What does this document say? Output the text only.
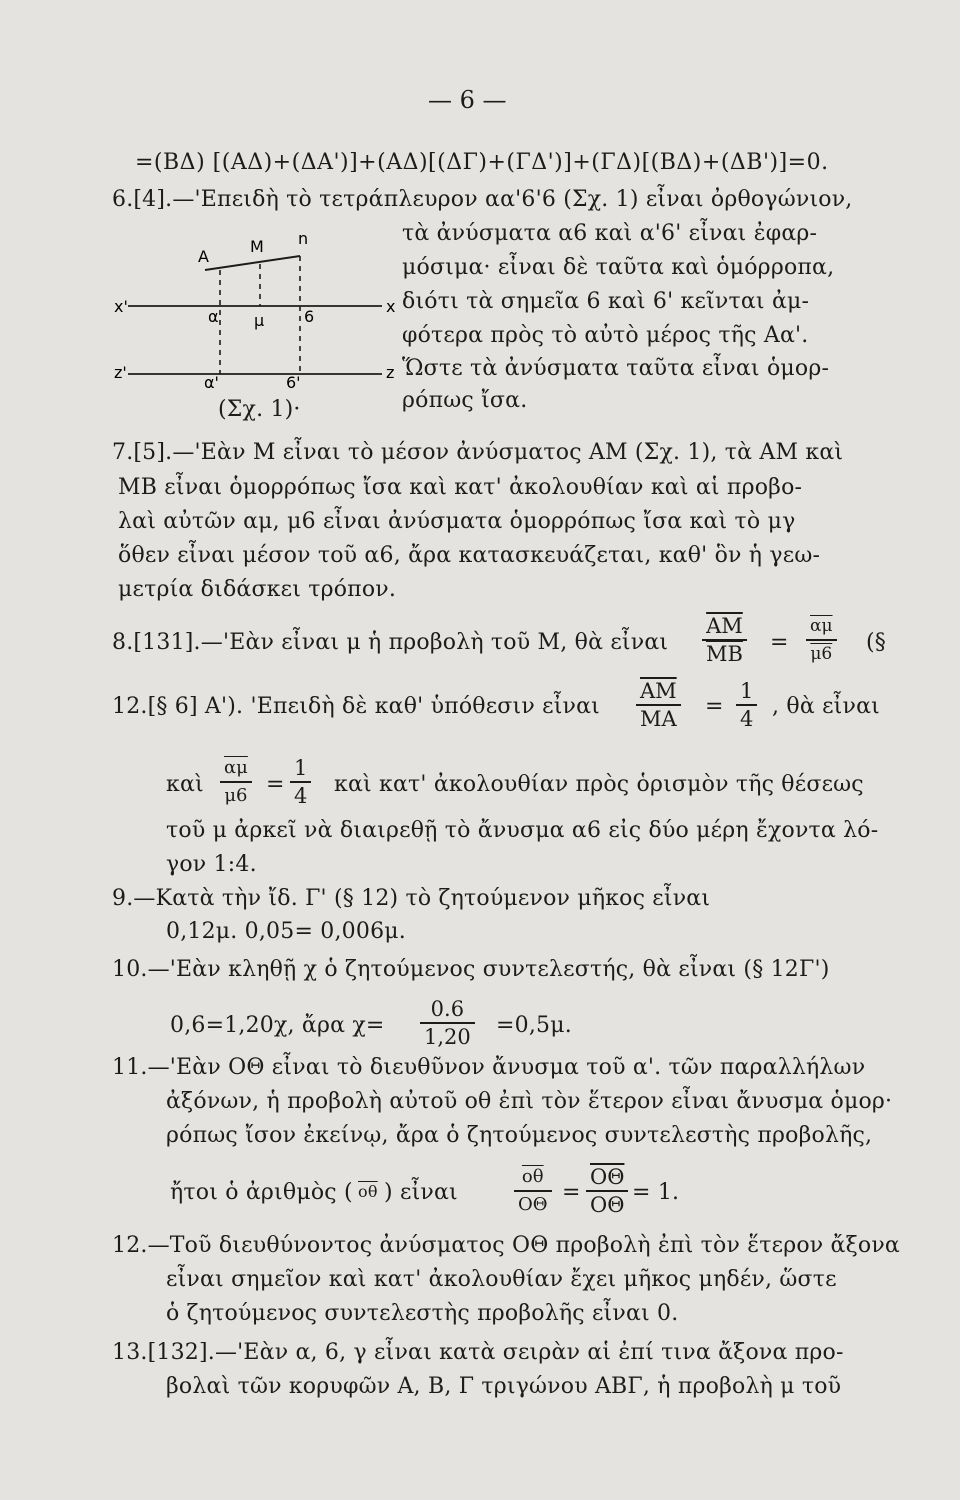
— 6 —
=(ΒΔ) [(ΑΔ)+(ΔΑ')]+(ΑΔ)[(ΔΓ)+(ΓΔ')]+(ΓΔ)[(ΒΔ)+(ΔΒ')]=0.
6.[4].—'Επειδὴ τὸ τετράπλευρον αα'6'6 (Σχ. 1) εἶναι ὀρθογώνιον,
τὰ ἀνύσματα α6 καὶ α'6' εἶναι ἐφαρ-
μόσιμα· εἶναι δὲ ταῦτα καὶ ὁμόρροπα,
διότι τὰ σημεῖα 6 καὶ 6' κεῖνται ἀμ-
φότερα πρὸς τὸ αὐτὸ μέρος τῆς Αα'.
Ὥστε τὰ ἀνύσματα ταῦτα εἶναι ὁμορ-
ρόπως ἴσα.
A
M n
x'	x
α μ 6
z'	z
α'	6'
(Σχ. 1)·
7.[5].—'Εὰν Μ εἶναι τὸ μέσον ἀνύσματος ΑΜ (Σχ. 1), τὰ ΑΜ καὶ
ΜΒ εἶναι ὁμορρόπως ἴσα καὶ κατ' ἀκολουθίαν καὶ αἱ προβο-
λαὶ αὐτῶν αμ, μ6 εἶναι ἀνύσματα ὁμορρόπως ἴσα καὶ τὸ μγ
ὅθεν εἶναι μέσον τοῦ α6, ἄρα κατασκευάζεται, καθ' ὃν ἡ γεω-
μετρία διδάσκει τρόπον.
8.[131].—'Εὰν εἶναι μ ἡ προβολὴ τοῦ Μ, θὰ εἶναι $\frac{\overline{AM}}{MB} = \frac{\overline{\alpha\mu}}{\mu 6}$ (§
12.[§ 6] Α'). 'Επειδὴ δὲ καθ' ὑπόθεσιν εἶναι $\frac{\overline{AM}}{MA} = \frac{1}{4}$ , θὰ εἶναι
καὶ $\frac{\overline{\alpha\mu}}{\mu 6} = \frac{1}{4}$ καὶ κατ' ἀκολουθίαν πρὸς ὁρισμὸν τῆς θέσεως
τοῦ μ ἀρκεῖ νὰ διαιρεθῇ τὸ ἄνυσμα α6 εἰς δύο μέρη ἔχοντα λό-
γον 1:4.
9.—Κατὰ τὴν ἴδ. Γ' (§ 12) τὸ ζητούμενον μῆκος εἶναι
0,12μ. 0,05= 0,006μ.
10.—'Εὰν κληθῇ χ ὁ ζητούμενος συντελεστής, θὰ εἶναι (§ 12Γ')
0,6=1,20χ, ἄρα $\chi= \frac{0.6}{1,20} =0,5\mu$.
11.—'Εὰν ΟΘ εἶναι τὸ διευθῦνον ἄνυσμα τοῦ α'. τῶν παραλλήλων
ἀξόνων, ἡ προβολὴ αὐτοῦ οθ ἐπὶ τὸν ἕτερον εἶναι ἄνυσμα ὁμορ·
ρόπως ἴσον ἐκείνῳ, ἄρα ὁ ζητούμενος συντελεστὴς προβολῆς,
ἤτοι ὁ ἀριθμὸς ( $\overline{o\theta}$ ) εἶναι	$\frac{\overline{o\theta}}{O\Theta} = \frac{\overline{O\Theta}}{O\Theta} = 1$.
12.—Τοῦ διευθύνοντος ἀνύσματος ΟΘ προβολὴ ἐπὶ τὸν ἕτερον ἄξονα
εἶναι σημεῖον καὶ κατ' ἀκολουθίαν ἔχει μῆκος μηδέν, ὥστε
ὁ ζητούμενος συντελεστὴς προβολῆς εἶναι 0.
13.[132].—'Εὰν α, 6, γ εἶναι κατὰ σειρὰν αἱ ἐπί τινα ἄξονα προ-
βολαὶ τῶν κορυφῶν Α, Β, Γ τριγώνου ΑΒΓ, ἡ προβολὴ μ τοῦ
